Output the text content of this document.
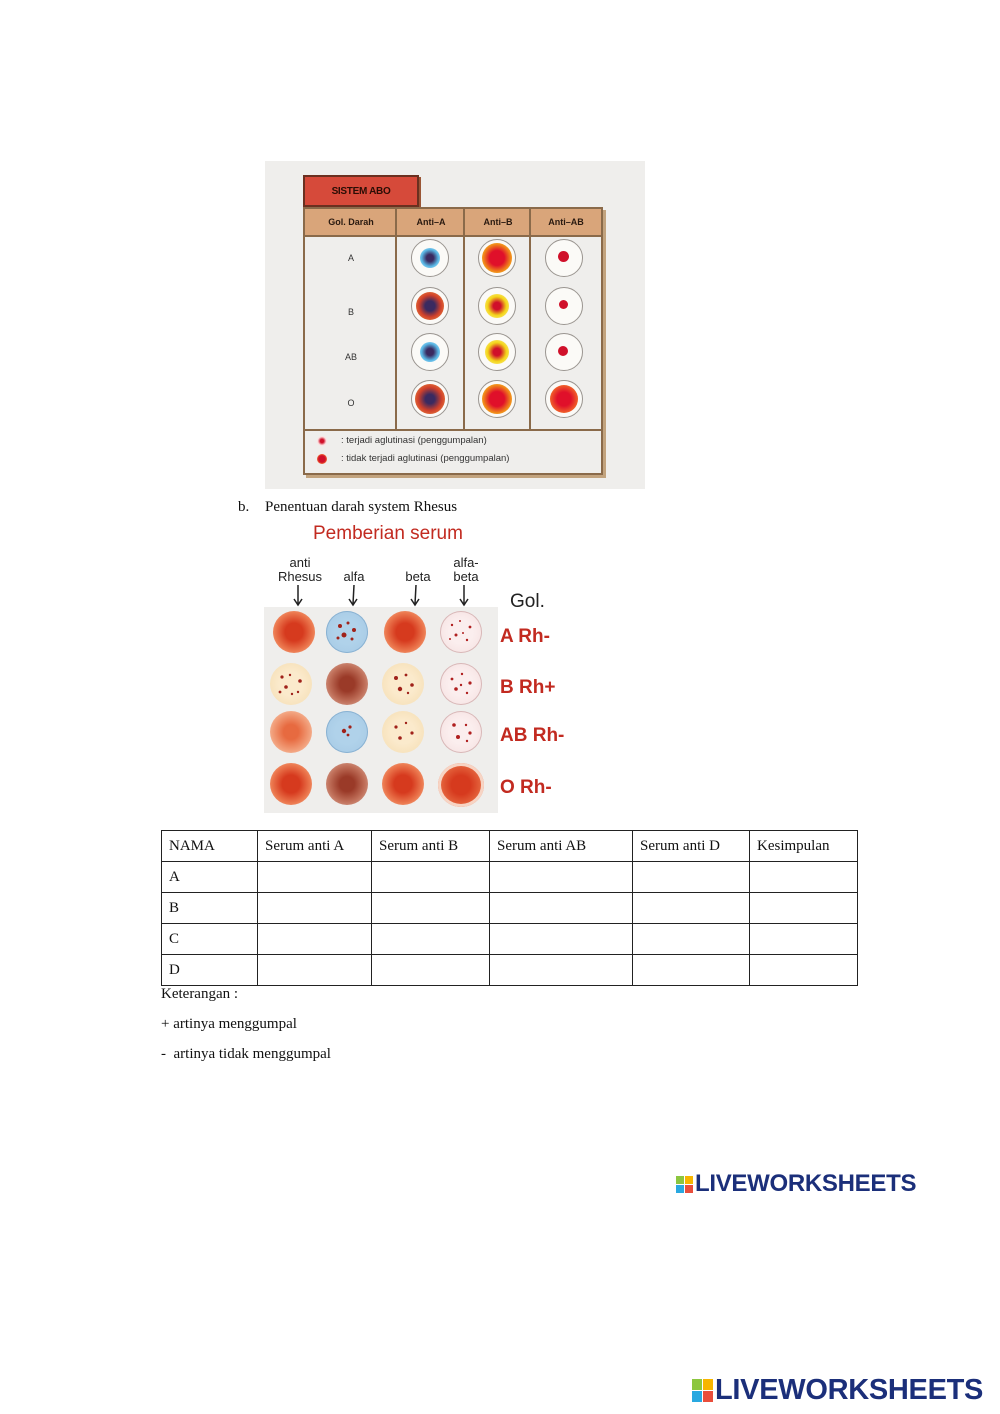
SISTEM ABO
Gol. Darah	Anti–A	Anti–B	Anti–AB
A
B
AB
O
: terjadi aglutinasi (penggumpalan)
: tidak terjadi aglutinasi (penggumpalan)
b. Penentuan darah system Rhesus
Pemberian serum
anti
Rhesus	alfa	beta
alfa-
beta
Gol.
A Rh-
B Rh+
AB Rh-
O Rh-
NAMA	Serum anti A	Serum anti B	Serum anti AB	Serum anti D	Kesimpulan
A					
B					
C					
D					
Keterangan :
+ artinya menggumpal
-  artinya tidak menggumpal
LIVEWORKSHEETS
LIVEWORKSHEETS
